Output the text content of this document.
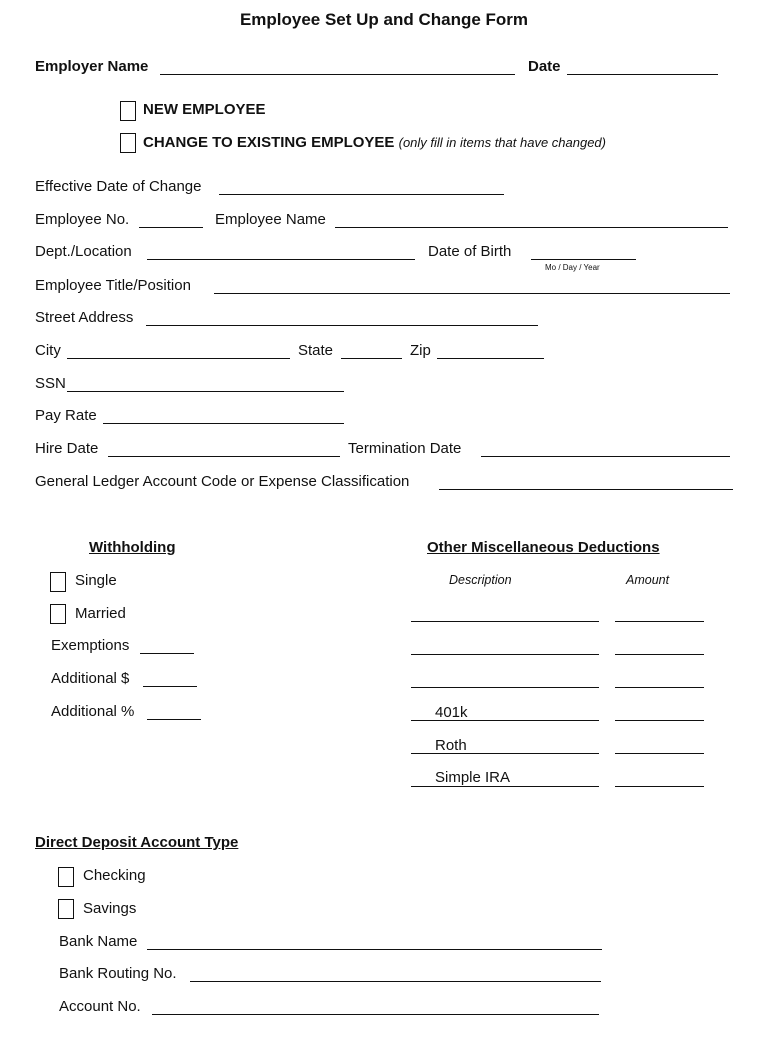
Employee Set Up and Change Form
Employer Name	Date
NEW EMPLOYEE
CHANGE TO EXISTING EMPLOYEE (only fill in items that have changed)
Effective Date of Change
Employee No.	Employee Name
Dept./Location	Date of Birth
Mo / Day / Year
Employee Title/Position
Street Address
City	State	Zip
SSN
Pay Rate
Hire Date	Termination Date
General Ledger Account Code or Expense Classification
Withholding
Single
Married
Exemptions
Additional $
Additional %
Other Miscellaneous Deductions
Description	Amount
401k
Roth
Simple IRA
Direct Deposit Account Type
Checking
Savings
Bank Name
Bank Routing No.
Account No.
